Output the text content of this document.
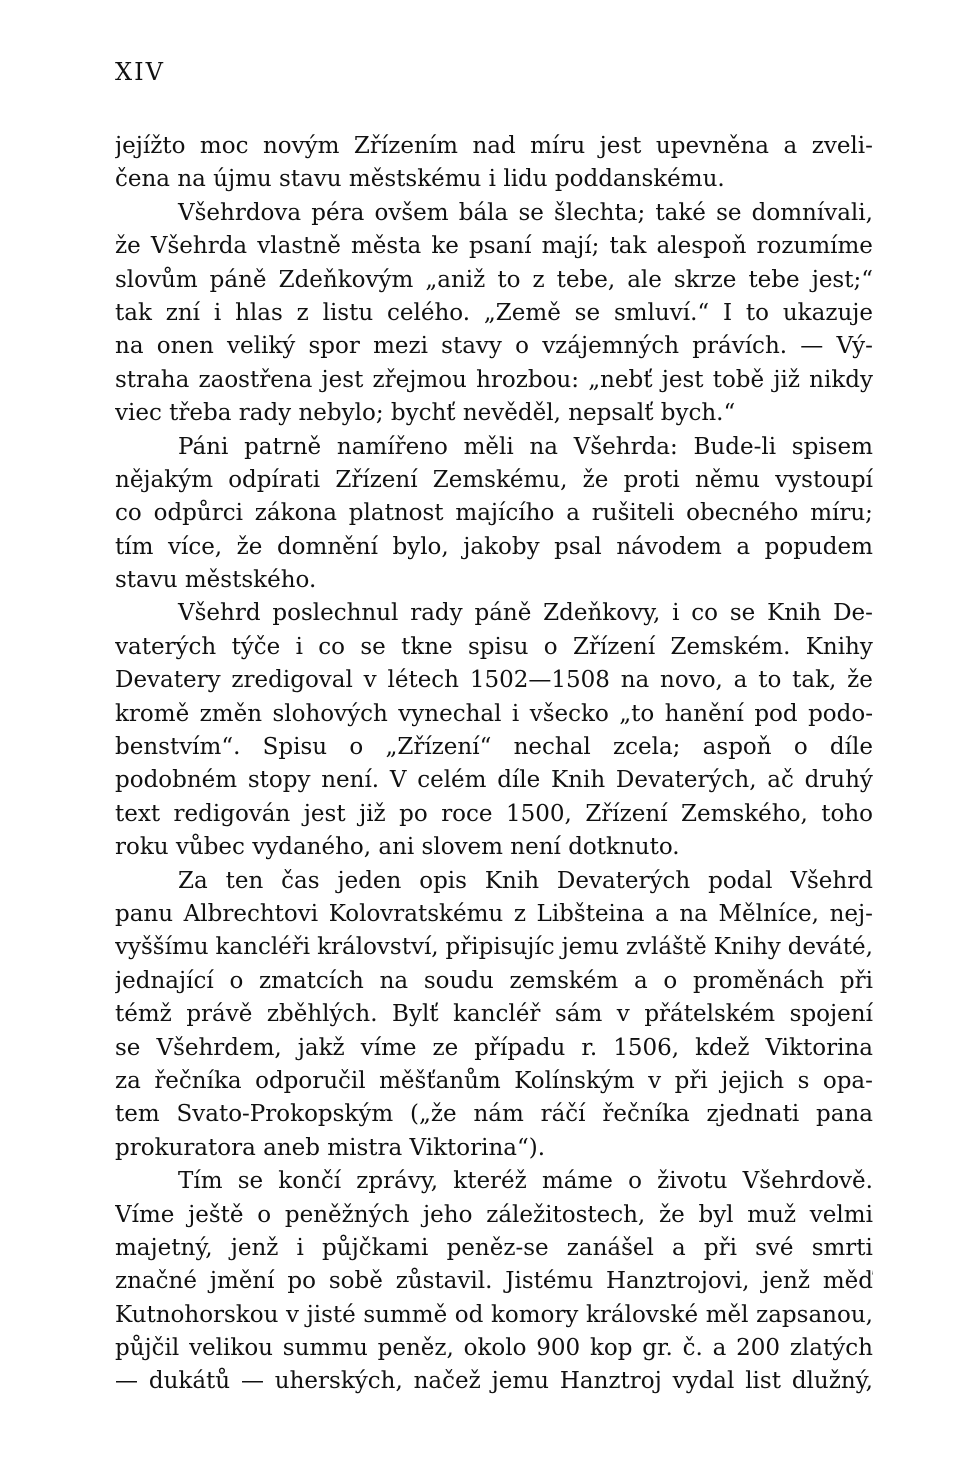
XIV
jejížto moc novým Zřízením nad míru jest upevněna a zveli-
čena na újmu stavu městskému i lidu poddanskému.
Všehrdova péra ovšem bála se šlechta; také se domnívali,
že Všehrda vlastně města ke psaní mají; tak alespoň rozumíme
slovům páně Zdeňkovým „aniž to z tebe, ale skrze tebe jest;“
tak zní i hlas z listu celého. „Země se smluví.“ I to ukazuje
na onen veliký spor mezi stavy o vzájemných právích. — Vý-
straha zaostřena jest zřejmou hrozbou: „nebť jest tobě již nikdy
viec třeba rady nebylo; bychť nevěděl, nepsalť bych.“
Páni patrně namířeno měli na Všehrda: Bude-li spisem
nějakým odpírati Zřízení Zemskému, že proti němu vystoupí
co odpůrci zákona platnost majícího a rušiteli obecného míru;
tím více, že domnění bylo, jakoby psal návodem a popudem
stavu městského.
Všehrd poslechnul rady páně Zdeňkovy, i co se Knih De-
vaterých týče i co se tkne spisu o Zřízení Zemském. Knihy
Devatery zredigoval v létech 1502—1508 na novo, a to tak, že
kromě změn slohových vynechal i všecko „to hanění pod podo-
benstvím“. Spisu o „Zřízení“ nechal zcela; aspoň o díle
podobném stopy není. V celém díle Knih Devaterých, ač druhý
text redigován jest již po roce 1500, Zřízení Zemského, toho
roku vůbec vydaného, ani slovem není dotknuto.
Za ten čas jeden opis Knih Devaterých podal Všehrd
panu Albrechtovi Kolovratskému z Libšteina a na Mělníce, nej-
vyššímu kancléři království, připisujíc jemu zvláště Knihy deváté,
jednající o zmatcích na soudu zemském a o proměnách při
témž právě zběhlých. Bylť kancléř sám v přátelském spojení
se Všehrdem, jakž víme ze případu r. 1506, kdež Viktorina
za řečníka odporučil měšťanům Kolínským v při jejich s opa-
tem Svato-Prokopským („že nám ráčí řečníka zjednati pana
prokuratora aneb mistra Viktorina“).
Tím se končí zprávy, kteréž máme o životu Všehrdově.
Víme ještě o peněžných jeho záležitostech, že byl muž velmi
majetný, jenž i půjčkami peněz-se zanášel a při své smrti
značné jmění po sobě zůstavil. Jistému Hanztrojovi, jenž měď
Kutnohorskou v jisté summě od komory královské měl zapsanou,
půjčil velikou summu peněz, okolo 900 kop gr. č. a 200 zlatých
— dukátů — uherských, načež jemu Hanztroj vydal list dlužný,
